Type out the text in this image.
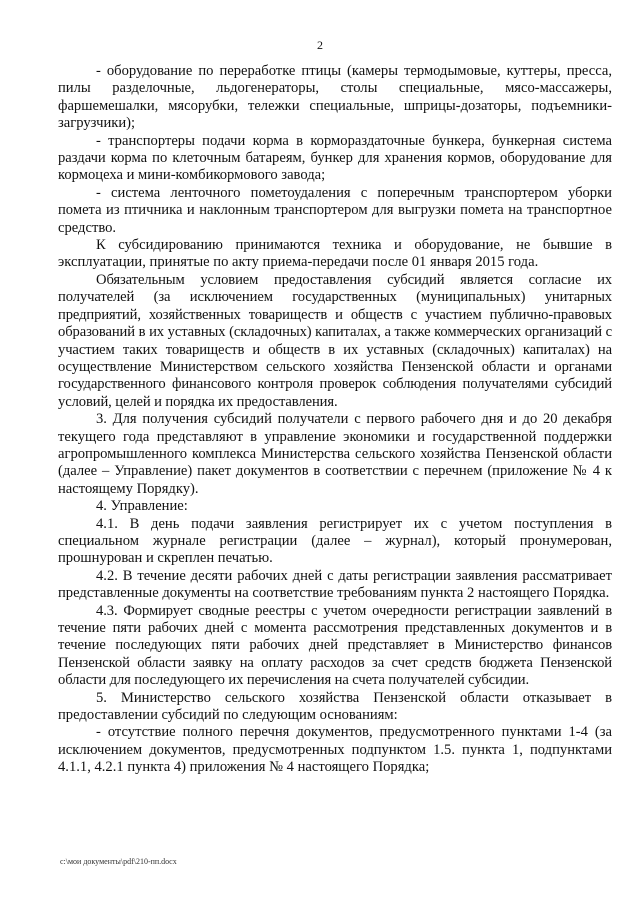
2

- оборудование по переработке птицы (камеры термодымовые, куттеры, пресса, пилы разделочные, льдогенераторы, столы специальные, мясо-массажеры, фаршемешалки, мясорубки, тележки специальные, шприцы-дозаторы, подъемники-загрузчики);

- транспортеры подачи корма в кормораздаточные бункера, бункерная система раздачи корма по клеточным батареям, бункер для хранения кормов, оборудование для кормоцеха и мини-комбикормового завода;

- система ленточного пометоудаления с поперечным транспортером уборки помета из птичника и наклонным транспортером для выгрузки помета на транспортное средство.

К субсидированию принимаются техника и оборудование, не бывшие в эксплуатации, принятые по акту приема-передачи после 01 января 2015 года.

Обязательным условием предоставления субсидий является согласие их получателей (за исключением государственных (муниципальных) унитарных предприятий, хозяйственных товариществ и обществ с участием публично-правовых образований в их уставных (складочных) капиталах, а также коммерческих организаций с участием таких товариществ и обществ в их уставных (складочных) капиталах) на осуществление Министерством сельского хозяйства Пензенской области и органами государственного финансового контроля проверок соблюдения получателями субсидий условий, целей и порядка их предоставления.

3. Для получения субсидий получатели с первого рабочего дня и до 20 декабря текущего года представляют в управление экономики и государственной поддержки агропромышленного комплекса Министерства сельского хозяйства Пензенской области (далее – Управление) пакет документов в соответствии с перечнем (приложение № 4 к настоящему Порядку).

4. Управление:

4.1. В день подачи заявления регистрирует их с учетом поступления в специальном журнале регистрации (далее – журнал), который пронумерован, прошнурован и скреплен печатью.

4.2. В течение десяти рабочих дней с даты регистрации заявления рассматривает представленные документы на соответствие требованиям пункта 2 настоящего Порядка.

4.3. Формирует сводные реестры с учетом очередности регистрации заявлений в течение пяти рабочих дней с момента рассмотрения представленных документов и в течение последующих пяти рабочих дней представляет в Министерство финансов Пензенской области заявку на оплату расходов за счет средств бюджета Пензенской области для последующего их перечисления на счета получателей субсидии.

5. Министерство сельского хозяйства Пензенской области отказывает в предоставлении субсидий по следующим основаниям:

- отсутствие полного перечня документов, предусмотренного пунктами 1-4 (за исключением документов, предусмотренных подпунктом 1.5. пункта 1, подпунктами 4.1.1, 4.2.1 пункта 4) приложения № 4 настоящего Порядка;

c:\мои документы\pdf\210-пп.docx
